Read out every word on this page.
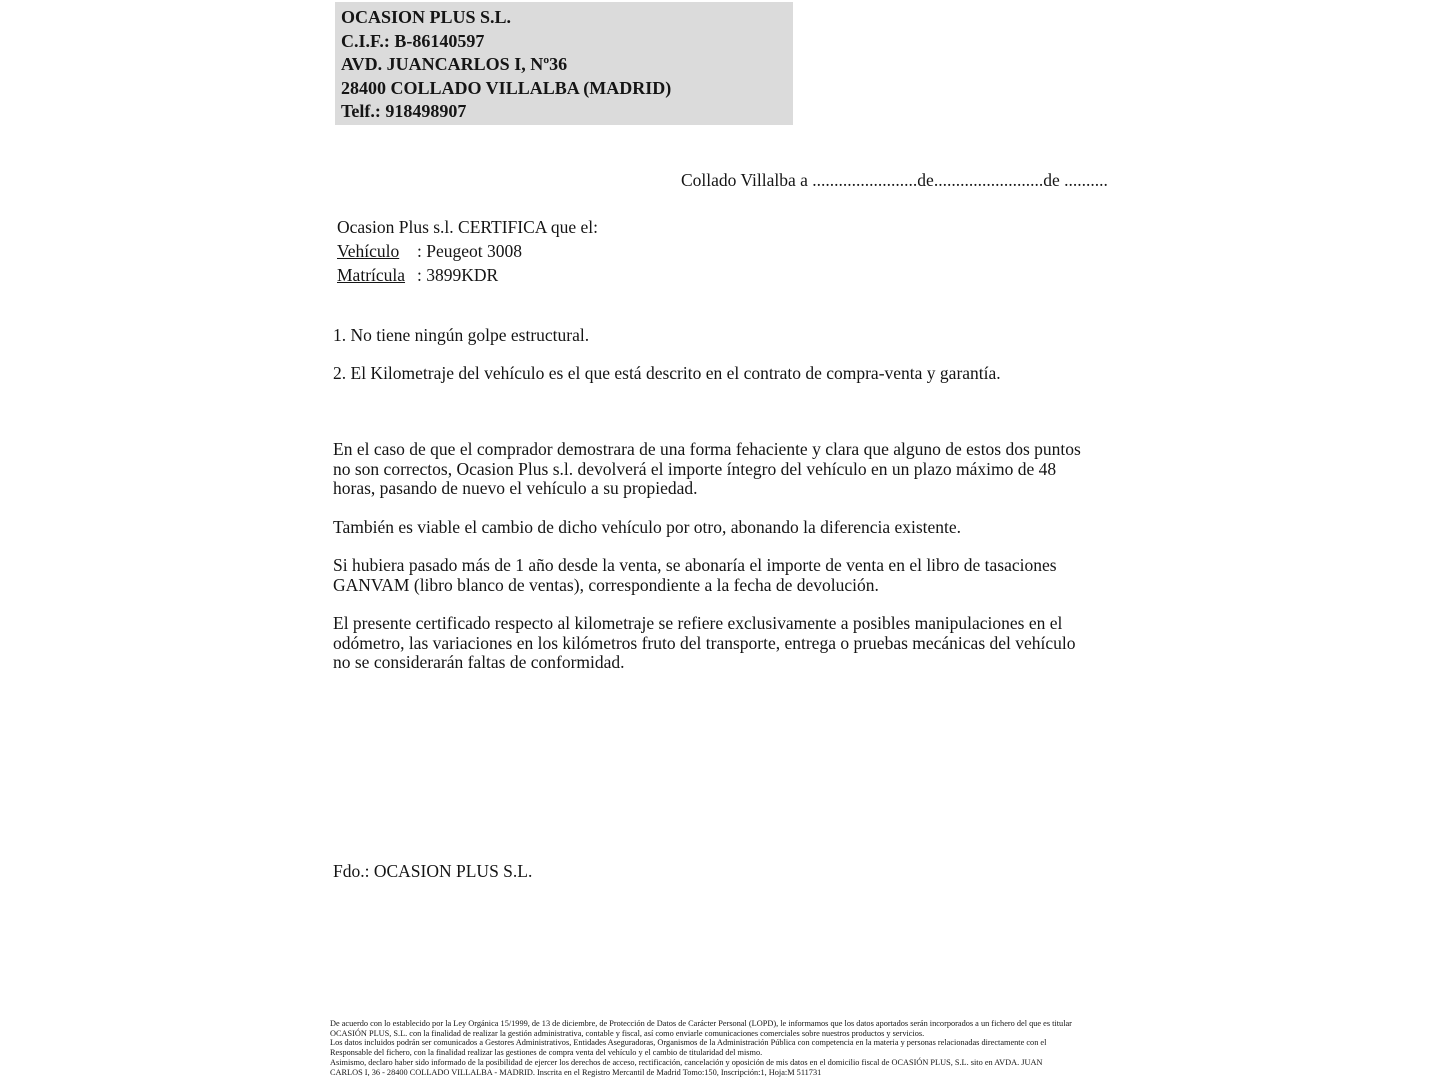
OCASION PLUS S.L.
C.I.F.: B-86140597
AVD. JUANCARLOS I, Nº36
28400 COLLADO VILLALBA (MADRID)
Telf.: 918498907
Collado Villalba a ........................de.........................de ..........
Ocasion Plus s.l. CERTIFICA que el:
Vehículo : Peugeot 3008
Matrícula : 3899KDR
1. No tiene ningún golpe estructural.
2. El Kilometraje del vehículo es el que está descrito en el contrato de compra-venta y garantía.

En el caso de que el comprador demostrara de una forma fehaciente y clara que alguno de estos dos puntos no son correctos, Ocasion Plus s.l. devolverá el importe íntegro del vehículo en un plazo máximo de 48 horas, pasando de nuevo el vehículo a su propiedad.

También es viable el cambio de dicho vehículo por otro, abonando la diferencia existente.

Si hubiera pasado más de 1 año desde la venta, se abonaría el importe de venta en el libro de tasaciones GANVAM (libro blanco de ventas), correspondiente a la fecha de devolución.

El presente certificado respecto al kilometraje se refiere exclusivamente a posibles manipulaciones en el odómetro, las variaciones en los kilómetros fruto del transporte, entrega o pruebas mecánicas del vehículo no se considerarán faltas de conformidad.

Fdo.: OCASION PLUS S.L.
De acuerdo con lo establecido por la Ley Orgánica 15/1999, de 13 de diciembre, de Protección de Datos de Carácter Personal (LOPD), le informamos que los datos aportados serán incorporados a un fichero del que es titular
OCASIÓN PLUS, S.L. con la finalidad de realizar la gestión administrativa, contable y fiscal, así como enviarle comunicaciones comerciales sobre nuestros productos y servicios.
Los datos incluidos podrán ser comunicados a Gestores Administrativos, Entidades Aseguradoras, Organismos de la Administración Pública con competencia en la materia y personas relacionadas directamente con el
Responsable del fichero, con la finalidad realizar las gestiones de compra venta del vehículo y el cambio de titularidad del mismo.
Asimismo, declaro haber sido informado de la posibilidad de ejercer los derechos de acceso, rectificación, cancelación y oposición de mis datos en el domicilio fiscal de OCASIÓN PLUS, S.L. sito en AVDA. JUAN
CARLOS I, 36 - 28400 COLLADO VILLALBA - MADRID. Inscrita en el Registro Mercantil de Madrid Tomo:150, Inscripción:1, Hoja:M 511731
